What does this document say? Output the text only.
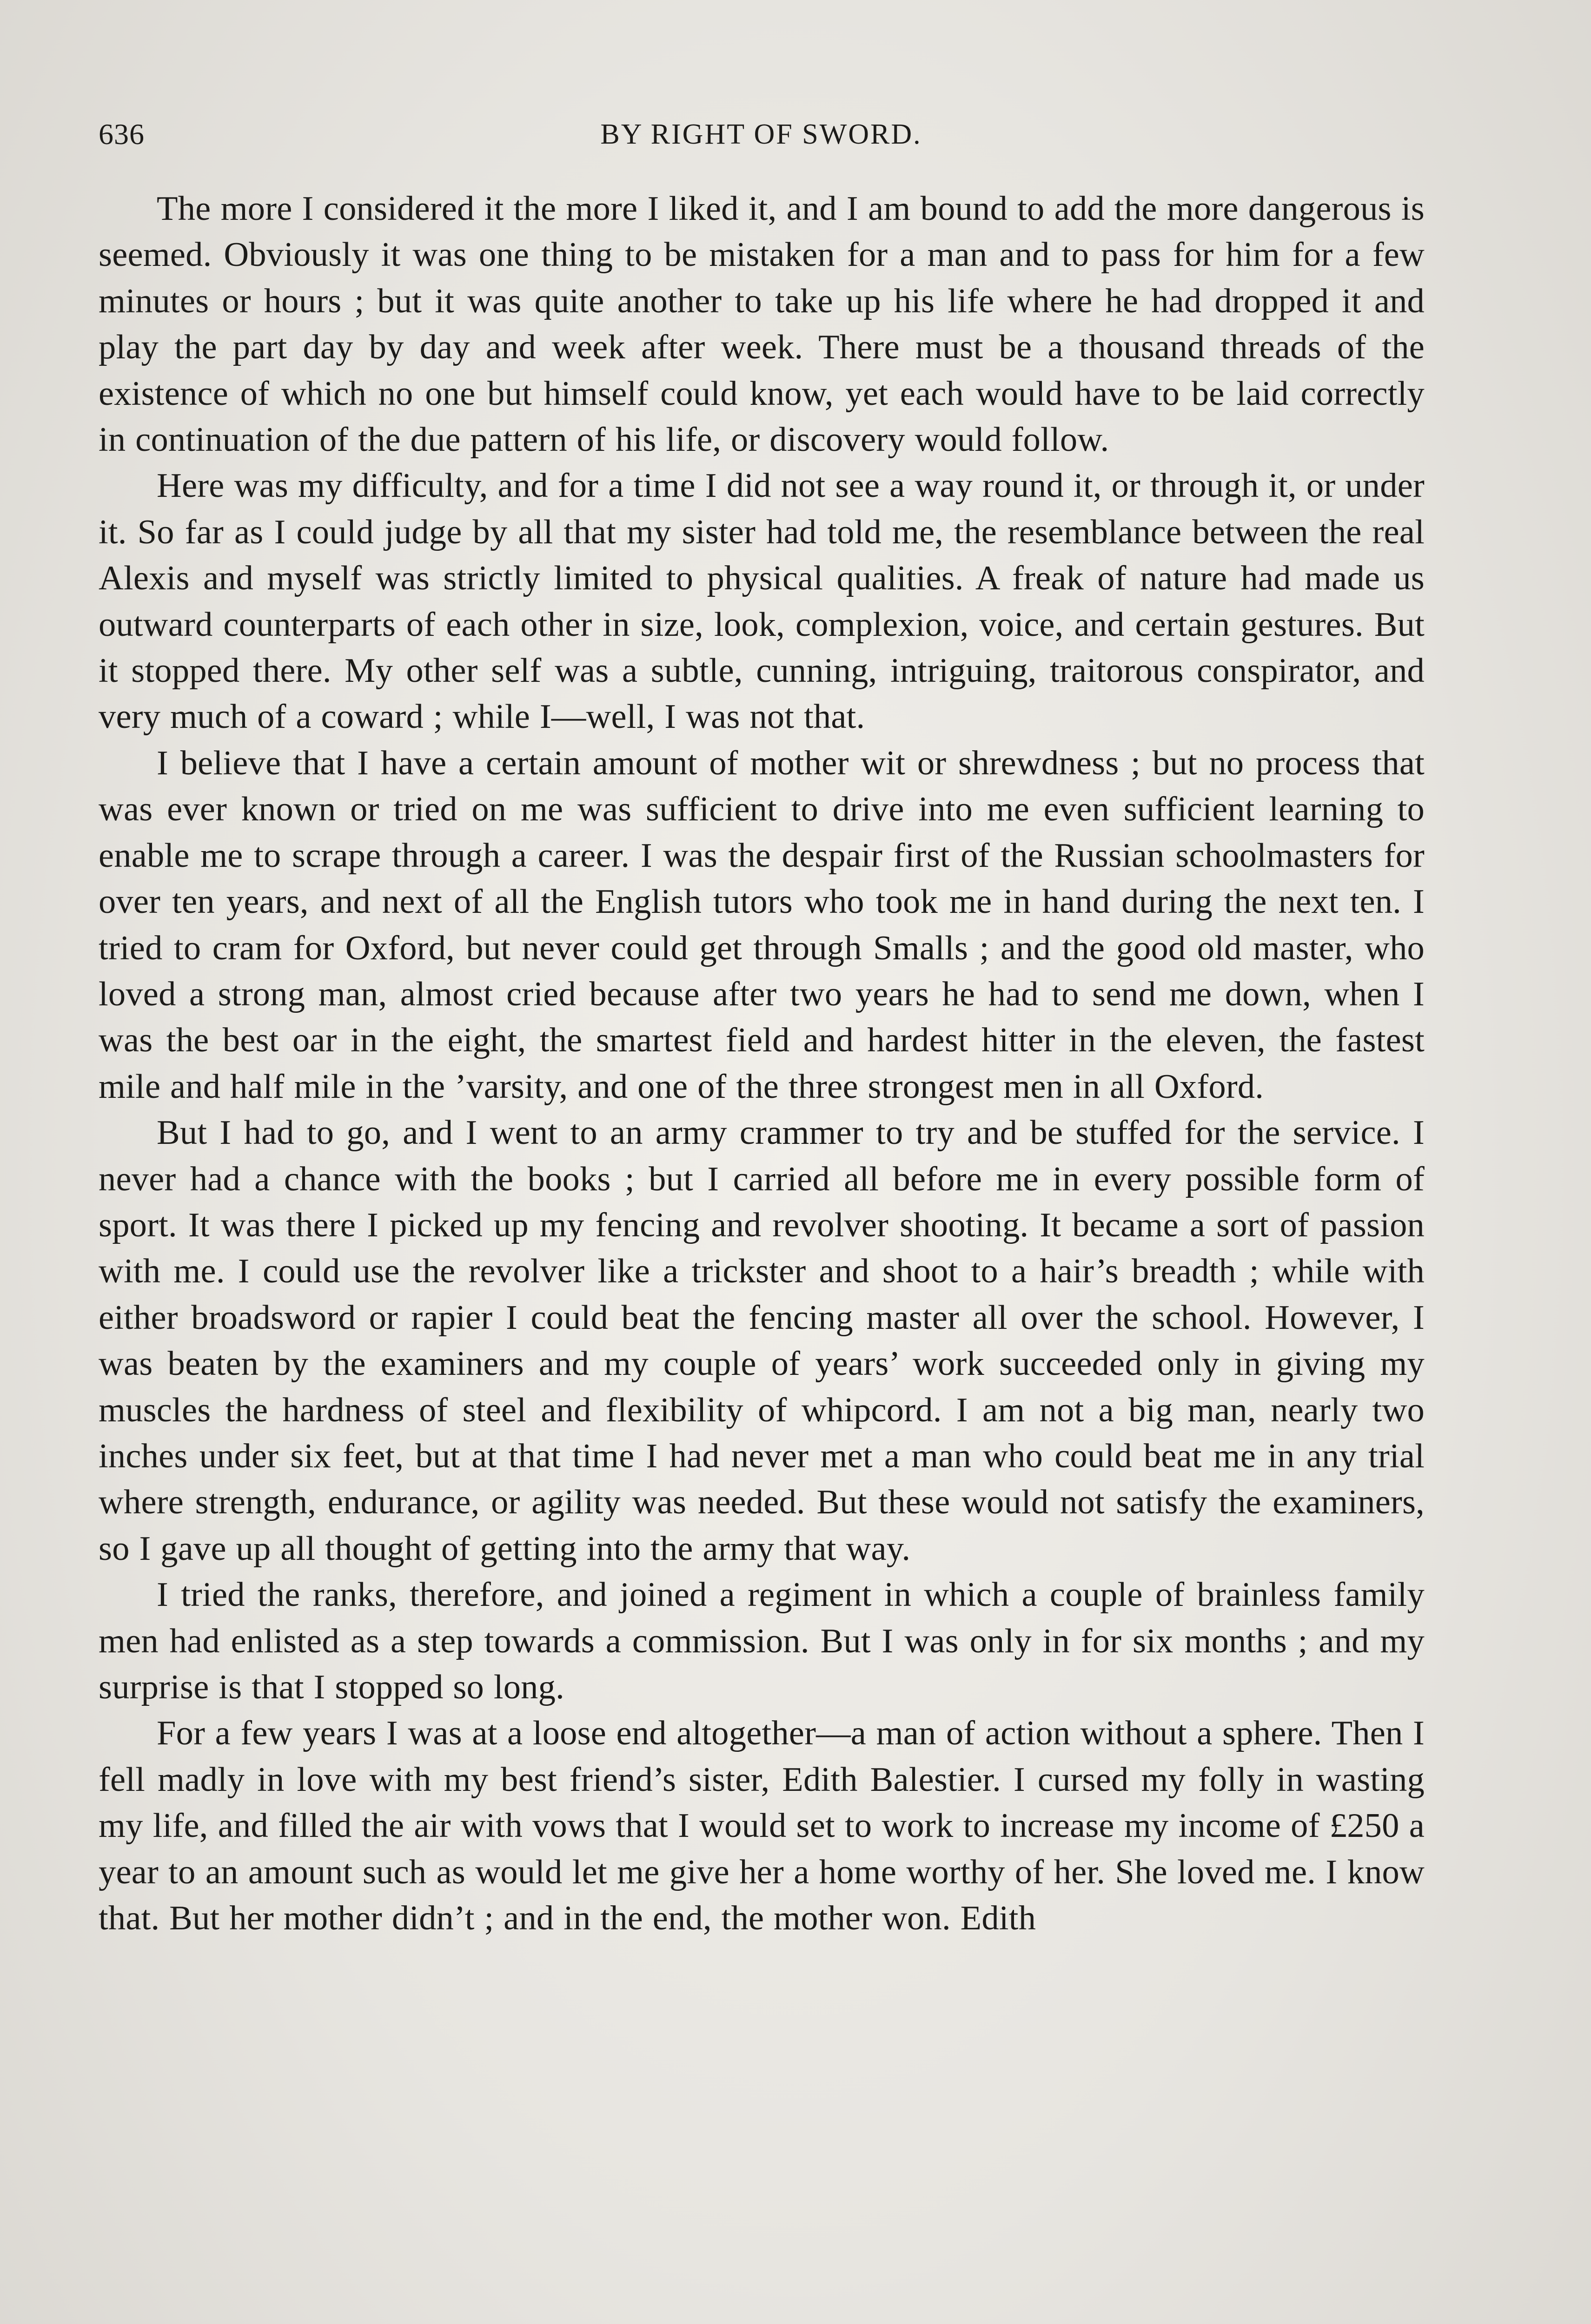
636	BY RIGHT OF SWORD.

The more I considered it the more I liked it, and I am bound to add the more dangerous is seemed. Obviously it was one thing to be mistaken for a man and to pass for him for a few minutes or hours ; but it was quite another to take up his life where he had dropped it and play the part day by day and week after week. There must be a thousand threads of the existence of which no one but himself could know, yet each would have to be laid correctly in continuation of the due pattern of his life, or discovery would follow.

Here was my difficulty, and for a time I did not see a way round it, or through it, or under it. So far as I could judge by all that my sister had told me, the resemblance between the real Alexis and myself was strictly limited to physical qualities. A freak of nature had made us outward counterparts of each other in size, look, complexion, voice, and certain gestures. But it stopped there. My other self was a subtle, cunning, intriguing, traitorous conspirator, and very much of a coward ; while I—well, I was not that.

I believe that I have a certain amount of mother wit or shrewdness ; but no process that was ever known or tried on me was sufficient to drive into me even sufficient learning to enable me to scrape through a career. I was the despair first of the Russian schoolmasters for over ten years, and next of all the English tutors who took me in hand during the next ten. I tried to cram for Oxford, but never could get through Smalls ; and the good old master, who loved a strong man, almost cried because after two years he had to send me down, when I was the best oar in the eight, the smartest field and hardest hitter in the eleven, the fastest mile and half mile in the ’varsity, and one of the three strongest men in all Oxford.

But I had to go, and I went to an army crammer to try and be stuffed for the service. I never had a chance with the books ; but I carried all before me in every possible form of sport. It was there I picked up my fencing and revolver shooting. It became a sort of passion with me. I could use the revolver like a trickster and shoot to a hair’s breadth ; while with either broadsword or rapier I could beat the fencing master all over the school. However, I was beaten by the examiners and my couple of years’ work succeeded only in giving my muscles the hardness of steel and flexibility of whipcord. I am not a big man, nearly two inches under six feet, but at that time I had never met a man who could beat me in any trial where strength, endurance, or agility was needed. But these would not satisfy the examiners, so I gave up all thought of getting into the army that way.

I tried the ranks, therefore, and joined a regiment in which a couple of brainless family men had enlisted as a step towards a commission. But I was only in for six months ; and my surprise is that I stopped so long.

For a few years I was at a loose end altogether—a man of action without a sphere. Then I fell madly in love with my best friend’s sister, Edith Balestier. I cursed my folly in wasting my life, and filled the air with vows that I would set to work to increase my income of £250 a year to an amount such as would let me give her a home worthy of her. She loved me. I know that. But her mother didn’t ; and in the end, the mother won. Edith
